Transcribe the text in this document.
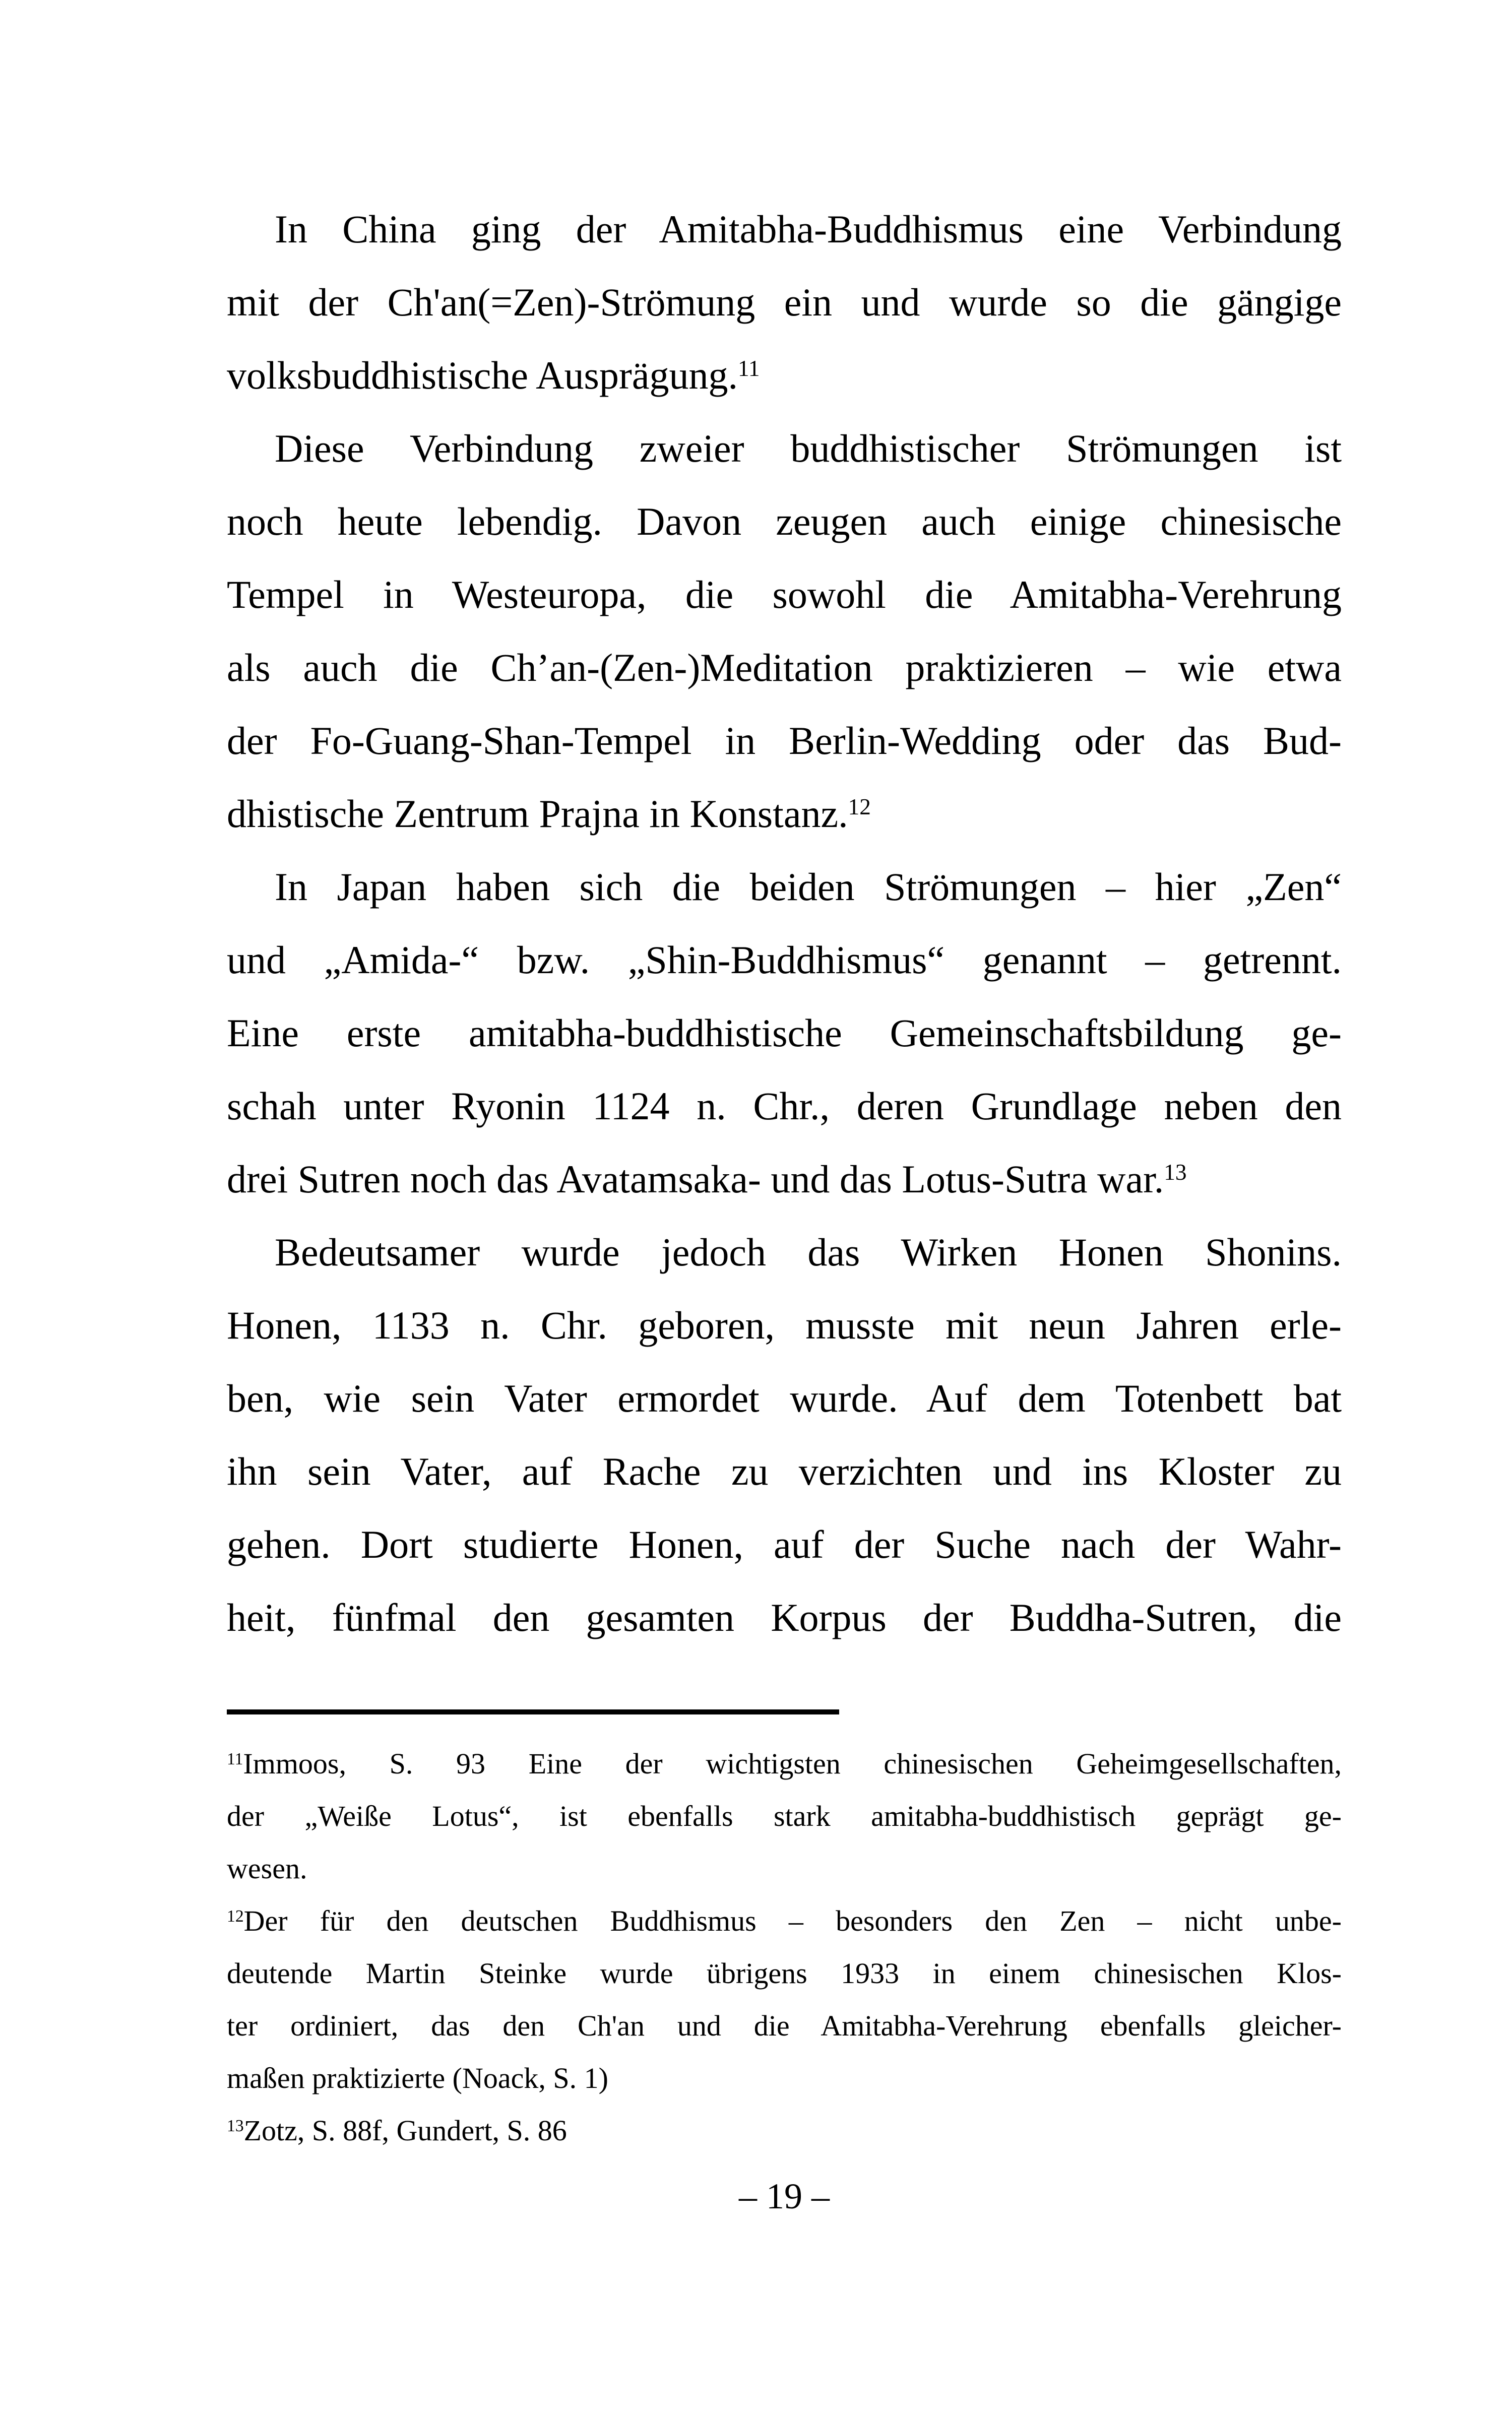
In China ging der Amitabha-Buddhismus eine Verbindung
mit der Ch'an(=Zen)-Strömung ein und wurde so die gängige
volksbuddhistische Ausprägung.$^{11}$
Diese Verbindung zweier buddhistischer Strömungen ist
noch heute lebendig. Davon zeugen auch einige chinesische
Tempel in Westeuropa, die sowohl die Amitabha-Verehrung
als auch die Ch’an-(Zen-)Meditation praktizieren – wie etwa
der Fo-Guang-Shan-Tempel in Berlin-Wedding oder das Bud-
dhistische Zentrum Prajna in Konstanz.$^{12}$
In Japan haben sich die beiden Strömungen – hier „Zen“
und „Amida-“ bzw. „Shin-Buddhismus“ genannt – getrennt.
Eine erste amitabha-buddhistische Gemeinschaftsbildung ge-
schah unter Ryonin 1124 n. Chr., deren Grundlage neben den
drei Sutren noch das Avatamsaka- und das Lotus-Sutra war.$^{13}$
Bedeutsamer wurde jedoch das Wirken Honen Shonins.
Honen, 1133 n. Chr. geboren, musste mit neun Jahren erle-
ben, wie sein Vater ermordet wurde. Auf dem Totenbett bat
ihn sein Vater, auf Rache zu verzichten und ins Kloster zu
gehen. Dort studierte Honen, auf der Suche nach der Wahr-
heit, fünfmal den gesamten Korpus der Buddha-Sutren, die
$^{11}$Immoos, S. 93 Eine der wichtigsten chinesischen Geheimgesellschaften,
der „Weiße Lotus“, ist ebenfalls stark amitabha-buddhistisch geprägt ge-
wesen.
$^{12}$Der für den deutschen Buddhismus – besonders den Zen – nicht unbe-
deutende Martin Steinke wurde übrigens 1933 in einem chinesischen Klos-
ter ordiniert, das den Ch'an und die Amitabha-Verehrung ebenfalls gleicher-
maßen praktizierte (Noack, S. 1)
$^{13}$Zotz, S. 88f, Gundert, S. 86
– 19 –
